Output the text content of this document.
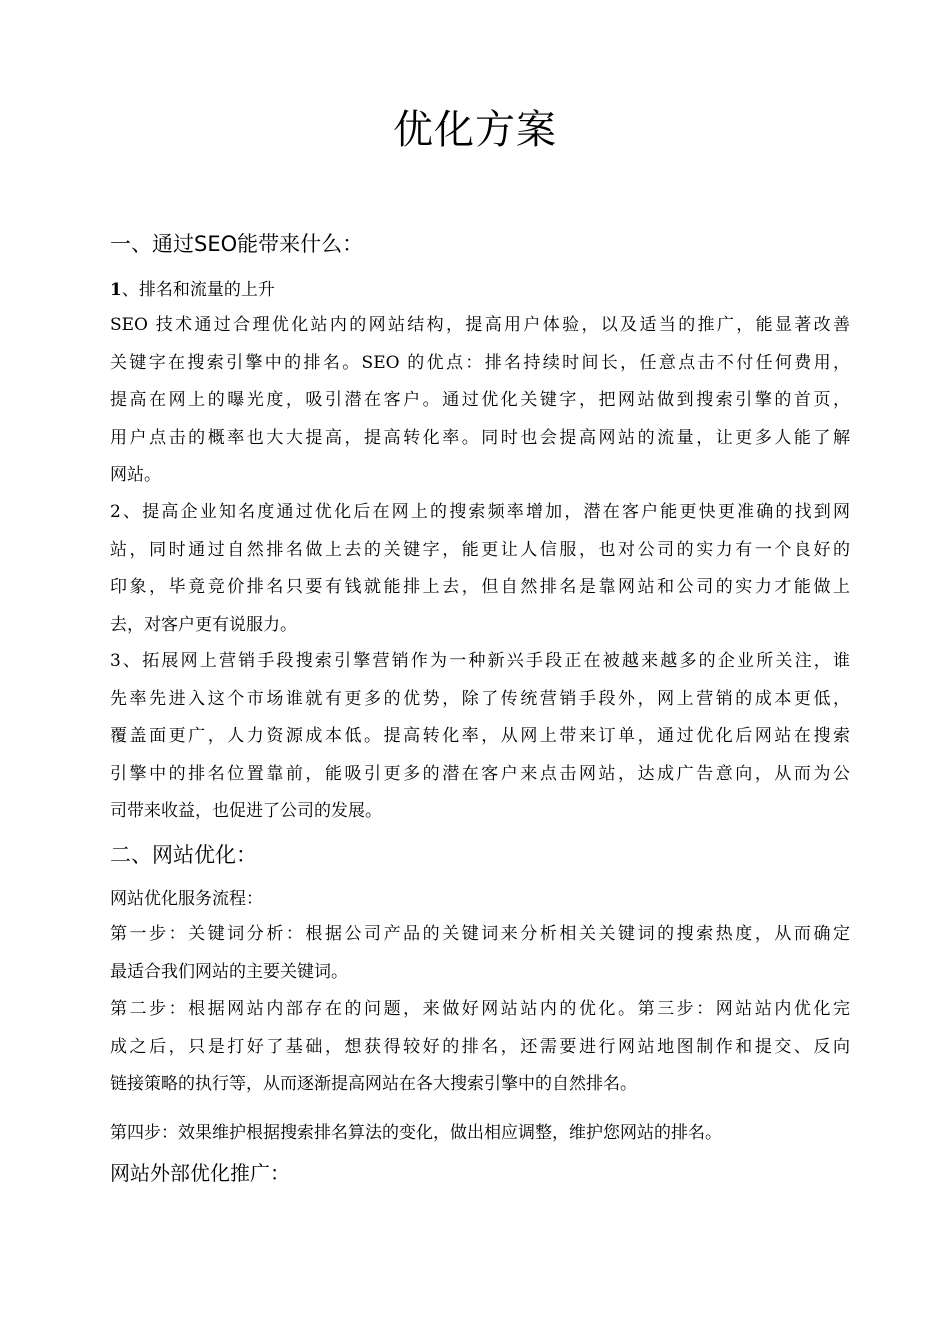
优化方案
一、通过SEO能带来什么：
1、排名和流量的上升
SEO 技术通过合理优化站内的网站结构，提高用户体验，以及适当的推广，能显著改善
关键字在搜索引擎中的排名。SEO 的优点：排名持续时间长，任意点击不付任何费用，
提高在网上的曝光度，吸引潜在客户。通过优化关键字，把网站做到搜索引擎的首页，
用户点击的概率也大大提高，提高转化率。同时也会提高网站的流量，让更多人能了解
网站。
2、提高企业知名度通过优化后在网上的搜索频率增加，潜在客户能更快更准确的找到网
站，同时通过自然排名做上去的关键字，能更让人信服，也对公司的实力有一个良好的
印象，毕竟竞价排名只要有钱就能排上去，但自然排名是靠网站和公司的实力才能做上
去，对客户更有说服力。
3、拓展网上营销手段搜索引擎营销作为一种新兴手段正在被越来越多的企业所关注，谁
先率先进入这个市场谁就有更多的优势，除了传统营销手段外，网上营销的成本更低，
覆盖面更广，人力资源成本低。提高转化率，从网上带来订单，通过优化后网站在搜索
引擎中的排名位置靠前，能吸引更多的潜在客户来点击网站，达成广告意向，从而为公
司带来收益，也促进了公司的发展。
二、网站优化：
网站优化服务流程：
第一步：关键词分析：根据公司产品的关键词来分析相关关键词的搜索热度，从而确定
最适合我们网站的主要关键词。
第二步：根据网站内部存在的问题，来做好网站站内的优化。第三步：网站站内优化完
成之后，只是打好了基础，想获得较好的排名，还需要进行网站地图制作和提交、反向
链接策略的执行等，从而逐渐提高网站在各大搜索引擎中的自然排名。
第四步：效果维护根据搜索排名算法的变化，做出相应调整，维护您网站的排名。
网站外部优化推广：
